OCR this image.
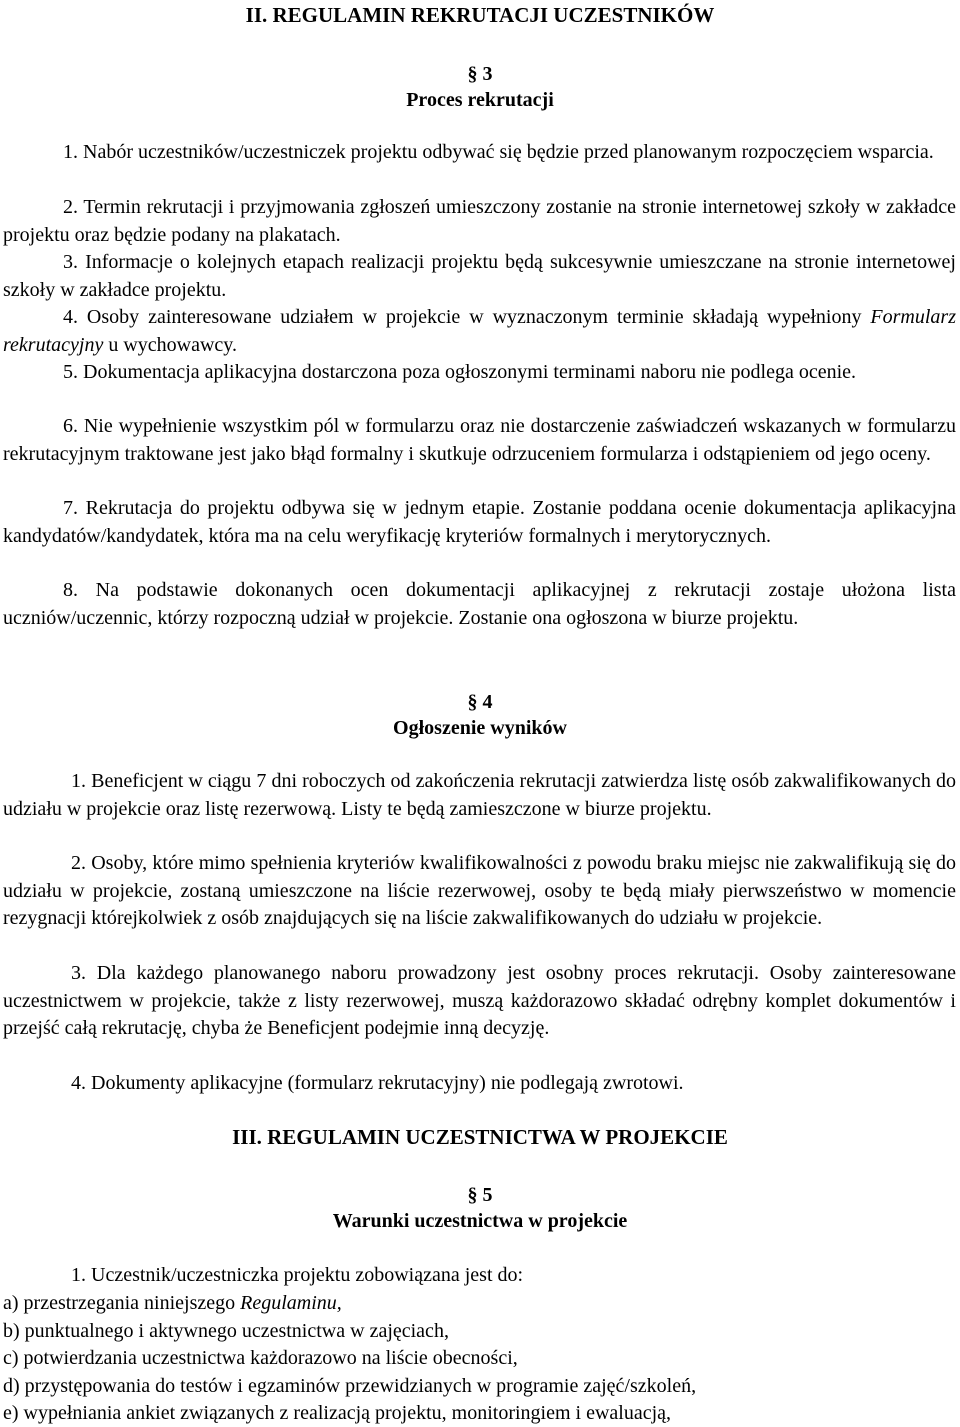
II. REGULAMIN REKRUTACJI UCZESTNIKÓW
§ 3
Proces rekrutacji

1. Nabór uczestników/uczestniczek projektu odbywać się będzie przed planowanym rozpoczęciem wsparcia.

2. Termin rekrutacji i przyjmowania zgłoszeń umieszczony zostanie na stronie internetowej szkoły w zakładce projektu oraz będzie podany na plakatach.

3. Informacje o kolejnych etapach realizacji projektu będą sukcesywnie umieszczane na stronie internetowej szkoły w zakładce projektu.

4. Osoby zainteresowane udziałem w projekcie w wyznaczonym terminie składają wypełniony Formularz rekrutacyjny u wychowawcy.

5. Dokumentacja aplikacyjna dostarczona poza ogłoszonymi terminami naboru nie podlega ocenie.

6. Nie wypełnienie wszystkim pól w formularzu oraz nie dostarczenie zaświadczeń wskazanych w formularzu rekrutacyjnym traktowane jest jako błąd formalny i skutkuje odrzuceniem formularza i odstąpieniem od jego oceny.

7. Rekrutacja do projektu odbywa się w jednym etapie. Zostanie poddana ocenie dokumentacja aplikacyjna kandydatów/kandydatek, która ma na celu weryfikację kryteriów formalnych i merytorycznych.

8. Na podstawie dokonanych ocen dokumentacji aplikacyjnej z rekrutacji zostaje ułożona lista uczniów/uczennic, którzy rozpoczną udział w projekcie. Zostanie ona ogłoszona w biurze projektu.

§ 4
Ogłoszenie wyników

1. Beneficjent w ciągu 7 dni roboczych od zakończenia rekrutacji zatwierdza listę osób zakwalifikowanych do udziału w projekcie oraz listę rezerwową. Listy te będą zamieszczone w biurze projektu.

2. Osoby, które mimo spełnienia kryteriów kwalifikowalności z powodu braku miejsc nie zakwalifikują się do udziału w projekcie, zostaną umieszczone na liście rezerwowej, osoby te będą miały pierwszeństwo w momencie rezygnacji którejkolwiek z osób znajdujących się na liście zakwalifikowanych do udziału w projekcie.

3. Dla każdego planowanego naboru prowadzony jest osobny proces rekrutacji. Osoby zainteresowane uczestnictwem w projekcie, także z listy rezerwowej, muszą każdorazowo składać odrębny komplet dokumentów i przejść całą rekrutację, chyba że Beneficjent podejmie inną decyzję.

4. Dokumenty aplikacyjne (formularz rekrutacyjny) nie podlegają zwrotowi.

III. REGULAMIN UCZESTNICTWA W PROJEKCIE
§ 5
Warunki uczestnictwa w projekcie

1. Uczestnik/uczestniczka projektu zobowiązana jest do:

a) przestrzegania niniejszego Regulaminu,

b) punktualnego i aktywnego uczestnictwa w zajęciach,

c) potwierdzania uczestnictwa każdorazowo na liście obecności,

d) przystępowania do testów i egzaminów przewidzianych w programie zajęć/szkoleń,

e) wypełniania ankiet związanych z realizacją projektu, monitoringiem i ewaluacją,
